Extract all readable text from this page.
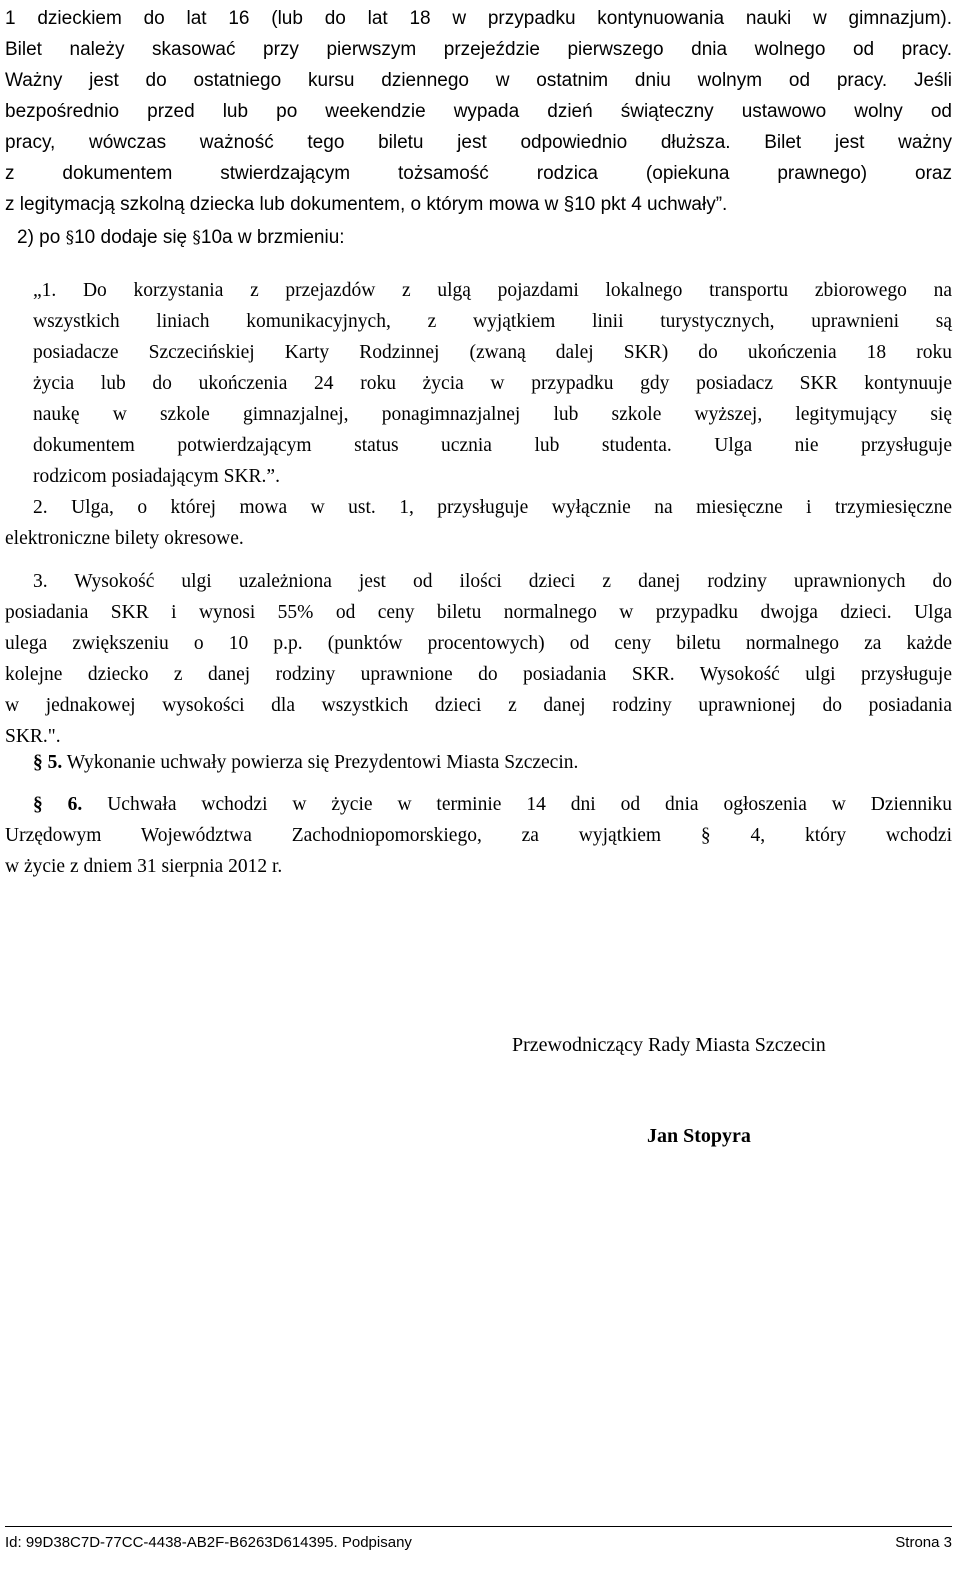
1 dzieckiem do lat 16 (lub do lat 18 w przypadku kontynuowania nauki w gimnazjum).
Bilet należy skasować przy pierwszym przejeździe pierwszego dnia wolnego od pracy.
Ważny jest do ostatniego kursu dziennego w ostatnim dniu wolnym od pracy. Jeśli
bezpośrednio przed lub po weekendzie wypada dzień świąteczny ustawowo wolny od
pracy, wówczas ważność tego biletu jest odpowiednio dłuższa. Bilet jest ważny
z dokumentem stwierdzającym tożsamość rodzica (opiekuna prawnego) oraz
z legitymacją szkolną dziecka lub dokumentem, o którym mowa w §10 pkt 4 uchwały”.
2) po §10 dodaje się §10a w brzmieniu:
„1. Do korzystania z przejazdów z ulgą pojazdami lokalnego transportu zbiorowego na
wszystkich liniach komunikacyjnych, z wyjątkiem linii turystycznych, uprawnieni są
posiadacze Szczecińskiej Karty Rodzinnej (zwaną dalej SKR) do ukończenia 18 roku
życia lub do ukończenia 24 roku życia w przypadku gdy posiadacz SKR kontynuuje
naukę w szkole gimnazjalnej, ponagimnazjalnej lub szkole wyższej, legitymujący się
dokumentem potwierdzającym status ucznia lub studenta. Ulga nie przysługuje
rodzicom posiadającym SKR.”.
2. Ulga, o której mowa w ust. 1, przysługuje wyłącznie na miesięczne i trzymiesięczne
elektroniczne bilety okresowe.
3. Wysokość ulgi uzależniona jest od ilości dzieci z danej rodziny uprawnionych do
posiadania SKR i wynosi 55% od ceny biletu normalnego w przypadku dwojga dzieci. Ulga
ulega zwiększeniu o 10 p.p. (punktów procentowych) od ceny biletu normalnego za każde
kolejne dziecko z danej rodziny uprawnione do posiadania SKR. Wysokość ulgi przysługuje
w jednakowej wysokości dla wszystkich dzieci z danej rodziny uprawnionej do posiadania
SKR.".
§ 5. Wykonanie uchwały powierza się Prezydentowi Miasta Szczecin.
§ 6. Uchwała wchodzi w życie w terminie 14 dni od dnia ogłoszenia w Dzienniku
Urzędowym Województwa Zachodniopomorskiego, za wyjątkiem § 4, który wchodzi
w życie z dniem 31 sierpnia 2012 r.
Przewodniczący Rady Miasta Szczecin
Jan Stopyra
Id: 99D38C7D-77CC-4438-AB2F-B6263D614395. Podpisany	Strona 3
